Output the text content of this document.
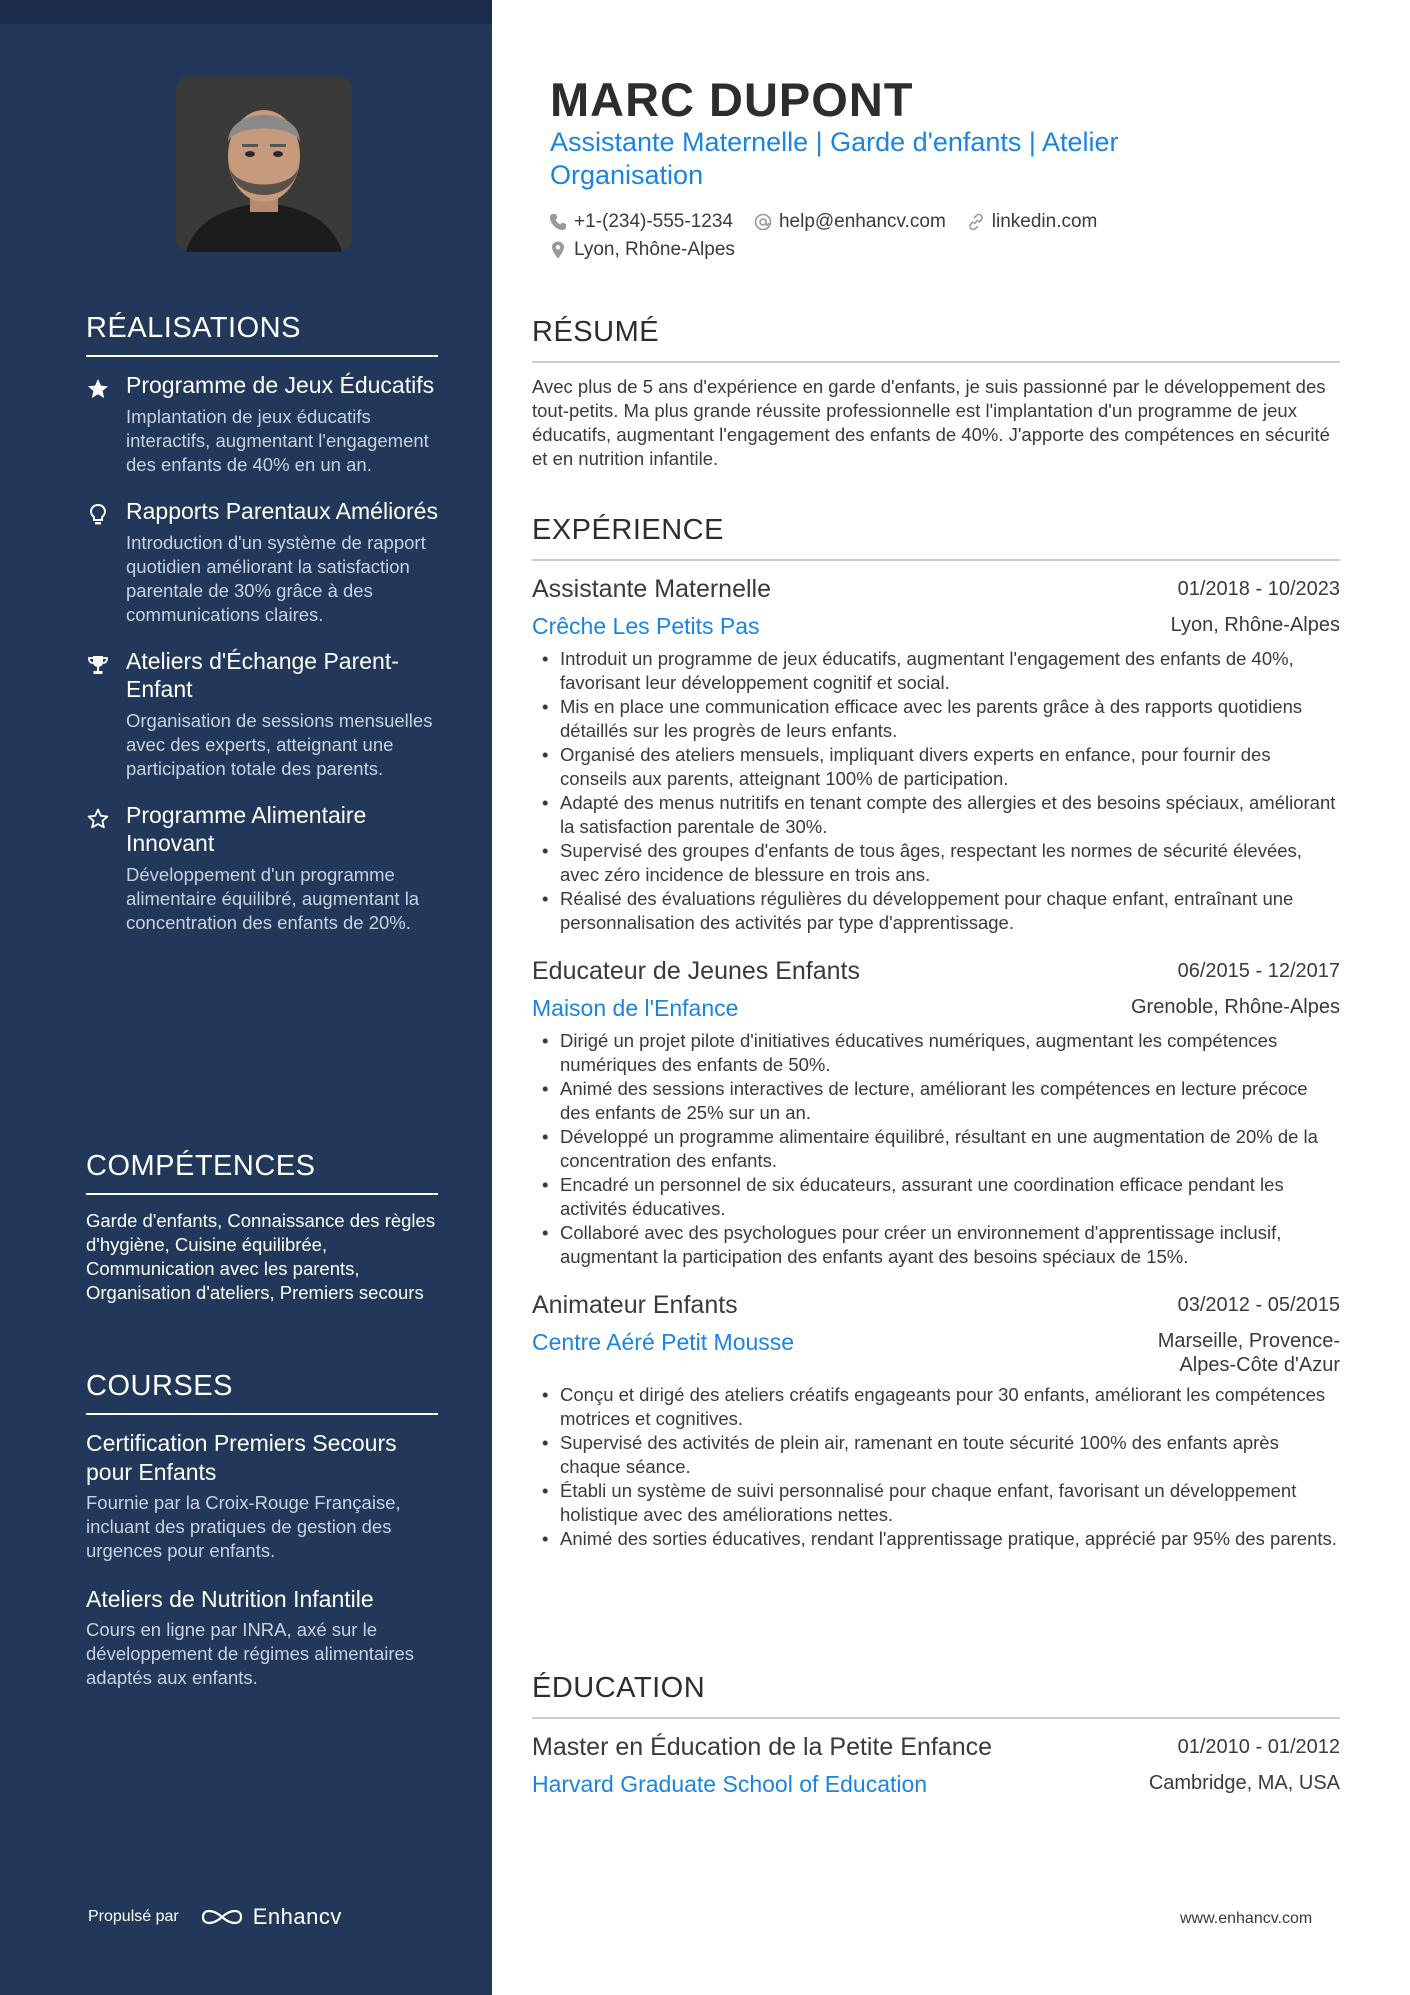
RÉALISATIONS
Programme de Jeux Éducatifs
Implantation de jeux éducatifs interactifs, augmentant l'engagement des enfants de 40% en un an.
Rapports Parentaux Améliorés
Introduction d'un système de rapport quotidien améliorant la satisfaction parentale de 30% grâce à des communications claires.
Ateliers d'Échange Parent-Enfant
Organisation de sessions mensuelles avec des experts, atteignant une participation totale des parents.
Programme Alimentaire Innovant
Développement d'un programme alimentaire équilibré, augmentant la concentration des enfants de 20%.
COMPÉTENCES
Garde d'enfants, Connaissance des règles d'hygiène, Cuisine équilibrée, Communication avec les parents, Organisation d'ateliers, Premiers secours
COURSES
Certification Premiers Secours pour Enfants
Fournie par la Croix-Rouge Française, incluant des pratiques de gestion des urgences pour enfants.
Ateliers de Nutrition Infantile
Cours en ligne par INRA, axé sur le développement de régimes alimentaires adaptés aux enfants.
Propulsé par	Enhancv
MARC DUPONT
Assistante Maternelle | Garde d'enfants | Atelier Organisation
+1-(234)-555-1234 help@enhancv.com linkedin.com
Lyon, Rhône-Alpes
RÉSUMÉ

Avec plus de 5 ans d'expérience en garde d'enfants, je suis passionné par le développement des tout-petits. Ma plus grande réussite professionnelle est l'implantation d'un programme de jeux éducatifs, augmentant l'engagement des enfants de 40%. J'apporte des compétences en sécurité et en nutrition infantile.

EXPÉRIENCE
Assistante Maternelle	01/2018 - 10/2023
Crêche Les Petits Pas	Lyon, Rhône-Alpes
• Introduit un programme de jeux éducatifs, augmentant l'engagement des enfants de 40%, favorisant leur développement cognitif et social.
• Mis en place une communication efficace avec les parents grâce à des rapports quotidiens détaillés sur les progrès de leurs enfants.
• Organisé des ateliers mensuels, impliquant divers experts en enfance, pour fournir des conseils aux parents, atteignant 100% de participation.
• Adapté des menus nutritifs en tenant compte des allergies et des besoins spéciaux, améliorant la satisfaction parentale de 30%.
• Supervisé des groupes d'enfants de tous âges, respectant les normes de sécurité élevées, avec zéro incidence de blessure en trois ans.
• Réalisé des évaluations régulières du développement pour chaque enfant, entraînant une personnalisation des activités par type d'apprentissage.
Educateur de Jeunes Enfants	06/2015 - 12/2017
Maison de l'Enfance	Grenoble, Rhône-Alpes
• Dirigé un projet pilote d'initiatives éducatives numériques, augmentant les compétences numériques des enfants de 50%.
• Animé des sessions interactives de lecture, améliorant les compétences en lecture précoce des enfants de 25% sur un an.
• Développé un programme alimentaire équilibré, résultant en une augmentation de 20% de la concentration des enfants.
• Encadré un personnel de six éducateurs, assurant une coordination efficace pendant les activités éducatives.
• Collaboré avec des psychologues pour créer un environnement d'apprentissage inclusif, augmentant la participation des enfants ayant des besoins spéciaux de 15%.
Animateur Enfants	03/2012 - 05/2015
Centre Aéré Petit Mousse	Marseille, Provence-Alpes-Côte d'Azur
• Conçu et dirigé des ateliers créatifs engageants pour 30 enfants, améliorant les compétences motrices et cognitives.
• Supervisé des activités de plein air, ramenant en toute sécurité 100% des enfants après chaque séance.
• Établi un système de suivi personnalisé pour chaque enfant, favorisant un développement holistique avec des améliorations nettes.
• Animé des sorties éducatives, rendant l'apprentissage pratique, apprécié par 95% des parents.
ÉDUCATION
Master en Éducation de la Petite Enfance	01/2010 - 01/2012
Harvard Graduate School of Education	Cambridge, MA, USA
www.enhancv.com
